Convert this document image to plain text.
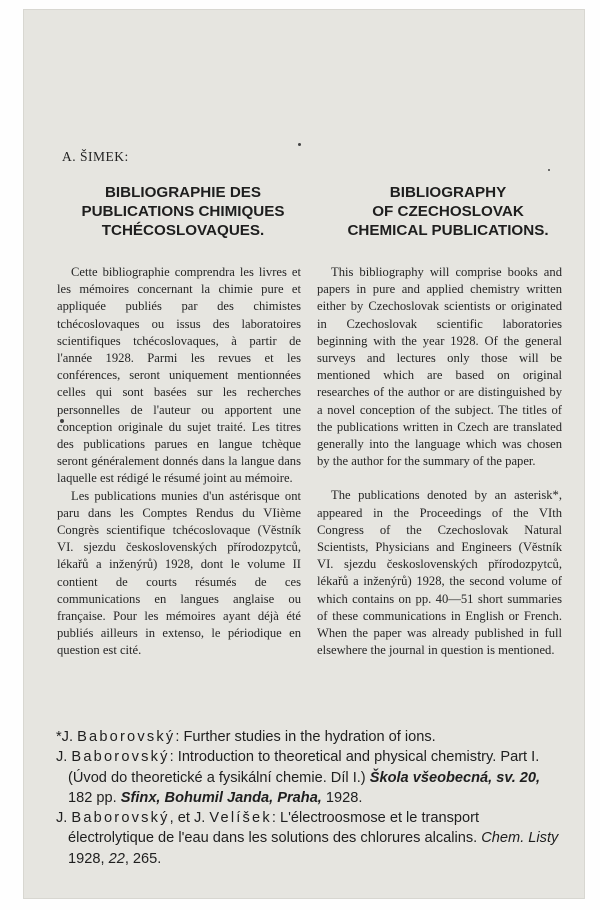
A. ŠIMEK:
BIBLIOGRAPHIE DES
PUBLICATIONS CHIMIQUES
TCHÉCOSLOVAQUES.
BIBLIOGRAPHY
OF CZECHOSLOVAK
CHEMICAL PUBLICATIONS.

Cette bibliographie comprendra les livres et les mémoires concernant la chimie pure et appliquée publiés par des chimistes tchécoslovaques ou issus des laboratoires scientifiques tchécoslovaques, à partir de l'année 1928. Parmi les revues et les conférences, seront uniquement mentionnées celles qui sont basées sur les recherches personnelles de l'auteur ou apportent une conception originale du sujet traité. Les titres des publications parues en langue tchèque seront généralement donnés dans la langue dans laquelle est rédigé le résumé joint au mémoire.

Les publications munies d'un astérisque ont paru dans les Comptes Rendus du VIième Congrès scientifique tchécoslovaque (Věstník VI. sjezdu československých přírodozpytců, lékařů a inženýrů) 1928, dont le volume II contient de courts résumés de ces communications en langues anglaise ou française. Pour les mémoires ayant déjà été publiés ailleurs in extenso, le périodique en question est cité.

This bibliography will comprise books and papers in pure and applied chemistry written either by Czechoslovak scientists or originated in Czechoslovak scientific laboratories beginning with the year 1928. Of the general surveys and lectures only those will be mentioned which are based on original researches of the author or are distinguished by a novel conception of the subject. The titles of the publications written in Czech are translated generally into the language which was chosen by the author for the summary of the paper.

The publications denoted by an asterisk*, appeared in the Proceedings of the VIth Congress of the Czechoslovak Natural Scientists, Physicians and Engineers (Věstník VI. sjezdu československých přírodozpytců, lékařů a inženýrů) 1928, the second volume of which contains on pp. 40—51 short summaries of these communications in English or French. When the paper was already published in full elsewhere the journal in question is mentioned.

*J. Baborovský: Further studies in the hydration of ions.

J. Baborovský: Introduction to theoretical and physical chemistry. Part I. (Úvod do theoretické a fysikální chemie. Díl I.) Škola všeobecná, sv. 20, 182 pp. Sfinx, Bohumil Janda, Praha, 1928.

J. Baborovský, et J. Velíšek: L'électroosmose et le transport électrolytique de l'eau dans les solutions des chlorures alcalins. Chem. Listy 1928, 22, 265.
